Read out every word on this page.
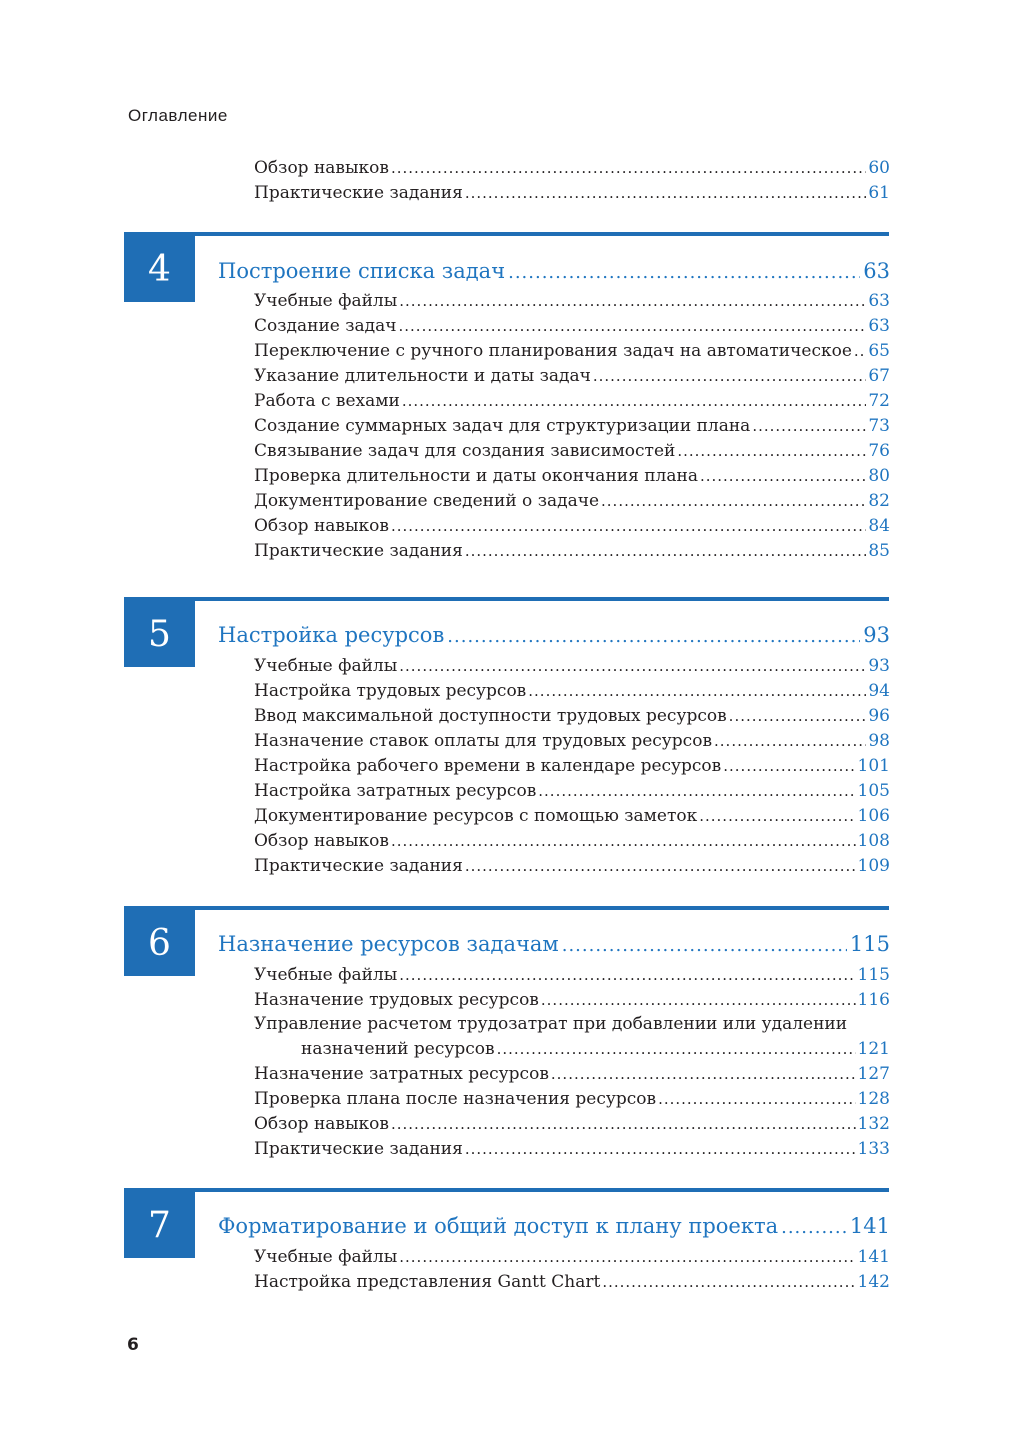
Оглавление
Обзор навыков .....	60
Практические задания .....	61
4	Построение списка задач .....	63
Учебные файлы .....	63
Создание задач .....	63
Переключение с ручного планирования задач на автоматическое ..... 65
Указание длительности и даты задач .....	67
Работа с вехами .....	72
Создание суммарных задач для структуризации плана .....	73
Связывание задач для создания зависимостей .....	76
Проверка длительности и даты окончания плана .....	80
Документирование сведений о задаче .....	82
Обзор навыков .....	84
Практические задания .....	85
5	Настройка ресурсов .....	93
Учебные файлы .....	93
Настройка трудовых ресурсов .....	94
Ввод максимальной доступности трудовых ресурсов .....	96
Назначение ставок оплаты для трудовых ресурсов .....	98
Настройка рабочего времени в календаре ресурсов .....	101
Настройка затратных ресурсов .....	105
Документирование ресурсов с помощью заметок .....	106
Обзор навыков .....	108
Практические задания .....	109
6	Назначение ресурсов задачам .....	115
Учебные файлы .....	115
Назначение трудовых ресурсов .....	116
Управление расчетом трудозатрат при добавлении или удалении
назначений ресурсов .....	121
Назначение затратных ресурсов .....	127
Проверка плана после назначения ресурсов .....	128
Обзор навыков .....	132
Практические задания .....	133
7	Форматирование и общий доступ к плану проекта .....	141
Учебные файлы .....	141
Настройка представления Gantt Chart .....	142
6
